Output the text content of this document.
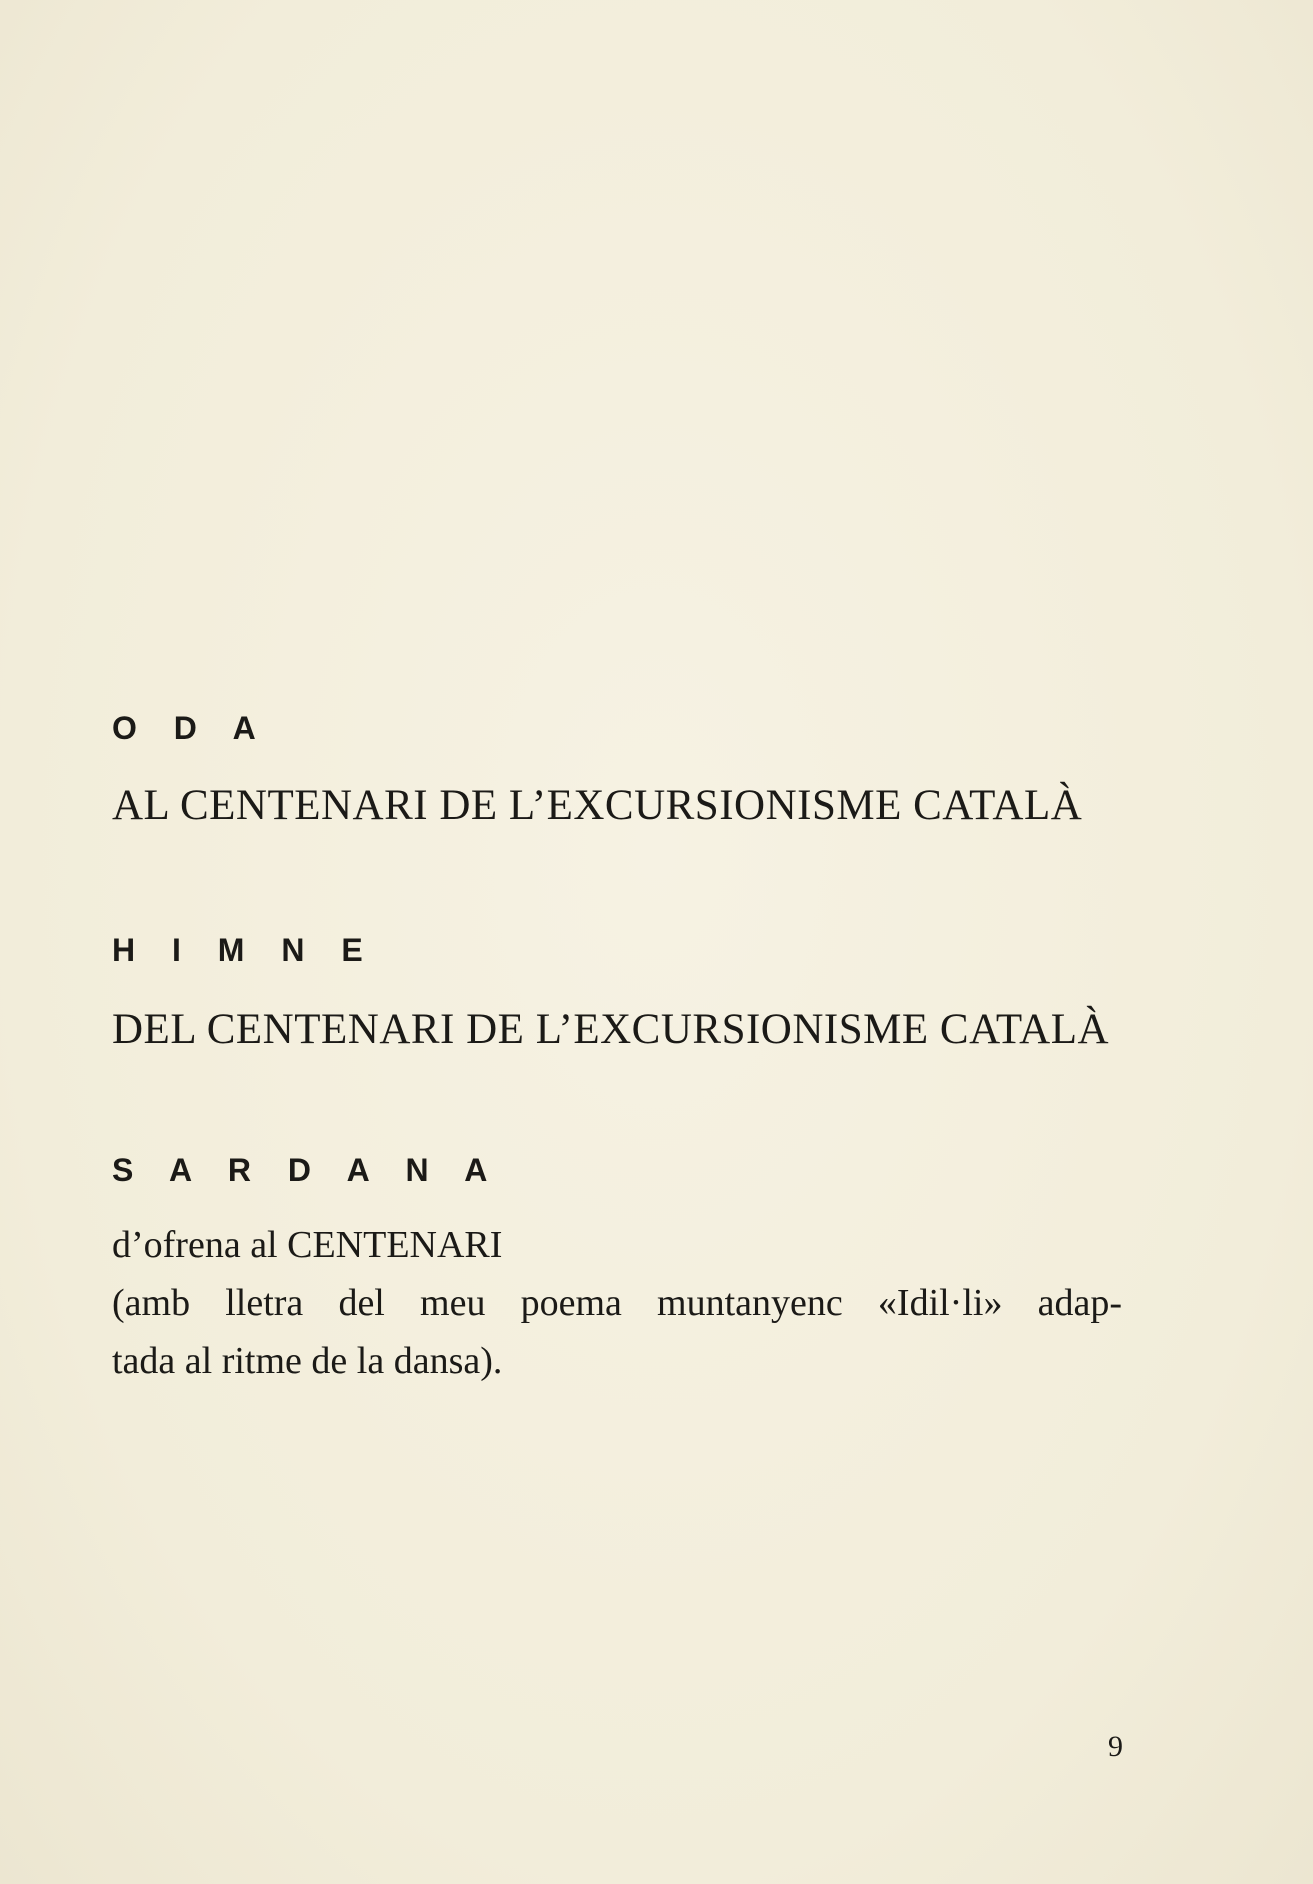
O D A

AL CENTENARI DE L’EXCURSIONISME CATALÀ

H I M N E

DEL CENTENARI DE L’EXCURSIONISME CATALÀ

S A R D A N A

d’ofrena al CENTENARI

(amb lletra del meu poema muntanyenc «Idil·li» adap-

tada al ritme de la dansa).

9
